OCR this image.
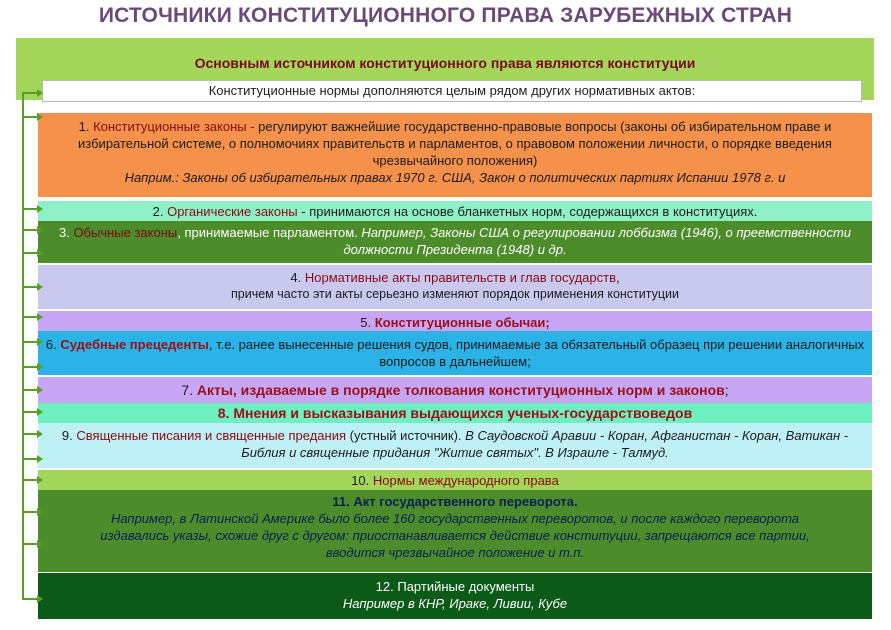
ИСТОЧНИКИ КОНСТИТУЦИОННОГО ПРАВА ЗАРУБЕЖНЫХ СТРАН
Основным источником конституционного права являются конституции
Конституционные нормы дополняются целым рядом других нормативных актов:
1. Конституционные законы - регулируют важнейшие государственно-правовые вопросы (законы об избирательном праве и избирательной системе, о полномочиях правительств и парламентов, о правовом положении личности, о порядке введения чрезвычайного положения)
Наприм.: Законы об избирательных правах 1970 г. США, Закон о политических партиях Испании 1978 г. и
2. Органические законы - принимаются на основе бланкетных норм, содержащихся в конституциях.
3. Обычные законы, принимаемые парламентом. Например, Законы США о регулировании лоббизма (1946), о преемственности должности Президента (1948) и др.
4. Нормативные акты правительств и глав государств,
причем часто эти акты серьезно изменяют порядок применения конституции
5. Конституционные обычаи;
6. Судебные прецеденты, т.е. ранее вынесенные решения судов, принимаемые за обязательный образец при решении аналогичных вопросов в дальнейшем;
7. Акты, издаваемые в порядке толкования конституционных норм и законов;
8. Мнения и высказывания выдающихся ученых-государствоведов
9. Священные писания и священные предания (устный источник). В Саудовской Аравии - Коран, Афганистан - Коран, Ватикан - Библия и священные придания "Житие святых". В Израиле - Талмуд.
10. Нормы международного права
11. Акт государственного переворота.
Например, в Латинской Америке было более 160 государственных переворотов, и после каждого переворота издавались указы, схожие друг с другом: приостанавливается действие конституции, запрещаются все партии, вводится чрезвычайное положение и т.п.
12. Партийные документы
Например в КНР, Ираке, Ливии, Кубе
